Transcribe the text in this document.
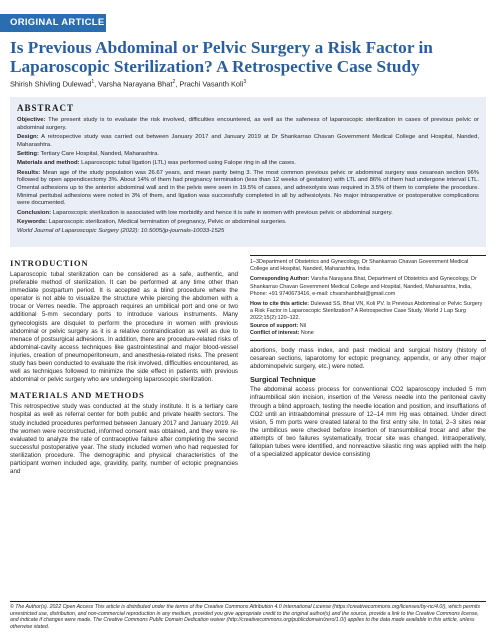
ORIGINAL ARTICLE
Is Previous Abdominal or Pelvic Surgery a Risk Factor in Laparoscopic Sterilization? A Retrospective Case Study
Shirish Shivling Dulewad$^1$, Varsha Narayana Bhat$^2$, Prachi Vasanth Koli$^3$
ABSTRACT

Objective: The present study is to evaluate the risk involved, difficulties encountered, as well as the safeness of laparoscopic sterilization in cases of previous pelvic or abdominal surgery.

Design: A retrospective study was carried out between January 2017 and January 2019 at Dr Shankarrao Chavan Government Medical College and Hospital, Nanded, Maharashtra.

Setting: Tertiary Care Hospital, Nanded, Maharashtra.

Materials and method: Laparoscopic tubal ligation (LTL) was performed using Falope ring in all the cases.

Results: Mean age of the study population was 26.67 years, and mean parity being 3. The most common previous pelvic or abdominal surgery was cesarean section 96% followed by open appendicectomy 3%. About 14% of them had pregnancy termination (less than 12 weeks of gestation) with LTL and 86% of them had undergone interval LTL. Omental adhesions up to the anterior abdominal wall and in the pelvis were seen in 19.5% of cases, and adnexolysis was required in 3.5% of them to complete the procedure. Minimal peritubal adhesions were noted in 3% of them, and ligation was successfully completed in all by adhesiolysis. No major intraoperative or postoperative complications were documented.

Conclusion: Laparoscopic sterilization is associated with low morbidity and hence it is safe in women with previous pelvic or abdominal surgery.

Keywords: Laparoscopic sterilization, Medical termination of pregnancy, Pelvic or abdominal surgeries.

World Journal of Laparoscopic Surgery (2022): 10.5005/jp-journals-10033-1525

INTRODUCTION

Laparoscopic tubal sterilization can be considered as a safe, authentic, and preferable method of sterilization. It can be performed at any time other than immediate postpartum period. It is accepted as a blind procedure where the operator is not able to visualize the structure while piercing the abdomen with a trocar or Verres needle. The approach requires an umbilical port and one or two additional 5-mm secondary ports to introduce various instruments. Many gynecologists are disquiet to perform the procedure in women with previous abdominal or pelvic surgery as it is a relative contraindication as well as due to menace of postsurgical adhesions. In addition, there are procedure-related risks of abdominal-cavity access techniques like gastrointestinal and major blood-vessel injuries, creation of pneumoperitoneum, and anesthesia-related risks. The present study has been conducted to evaluate the risk involved, difficulties encountered, as well as techniques followed to minimize the side effect in patients with previous abdominal or pelvic surgery who are undergoing laparoscopic sterilization.

MATERIALS AND METHODS

This retrospective study was conducted at the study institute. It is a tertiary care hospital as well as referral center for both public and private health sectors. The study included procedures performed between January 2017 and January 2019. All the women were reconstructed, informed consent was obtained, and they were re-evaluated to analyze the rate of contraceptive failure after completing the second successful postoperative year. The study included women who had requested for sterilization procedure. The demographic and physical characteristics of the participant women included age, gravidity, parity, number of ectopic pregnancies and

1–3Department of Obstetrics and Gynecology, Dr Shankarrao Chavan Government Medical College and Hospital, Nanded, Maharashtra, India

Corresponding Author: Varsha Narayana Bhat, Department of Obstetrics and Gynecology, Dr Shankarrao Chavan Government Medical College and Hospital, Nanded, Maharashtra, India, Phone: +91 9740673416, e-mail: chvarshanbhat@gmail.com

How to cite this article: Dulewad SS, Bhat VN, Koli PV. Is Previous Abdominal or Pelvic Surgery a Risk Factor in Laparoscopic Sterilization? A Retrospective Case Study. World J Lap Surg 2022;15(2):120–122.

Source of support: Nil

Conflict of interest: None

abortions, body mass index, and past medical and surgical history (history of cesarean sections, laparotomy for ectopic pregnancy, appendix, or any other major abdominopelvic surgery, etc.) were noted.

Surgical Technique

The abdominal access process for conventional CO2 laparoscopy included 5 mm infraumbilical skin incision, insertion of the Veress needle into the peritoneal cavity through a blind approach, testing the needle location and position, and insufflations of CO2 until an intraabdominal pressure of 12–14 mm Hg was obtained. Under direct vision, 5 mm ports were created lateral to the first entry site. In total, 2–3 sites near the umbilicus were checked before insertion of transumbilical trocar and after the attempts of two failures systematically, trocar site was changed. Intraoperatively, fallopian tubes were identified, and nonreactive silastic ring was applied with the help of a specialized applicator device consisting

© The Author(s). 2022 Open Access This article is distributed under the terms of the Creative Commons Attribution 4.0 International License (https://creativecommons.org/licenses/by-nc/4.0/), which permits unrestricted use, distribution, and non-commercial reproduction in any medium, provided you give appropriate credit to the original author(s) and the source, provide a link to the Creative Commons license, and indicate if changes were made. The Creative Commons Public Domain Dedication waiver (http://creativecommons.org/publicdomain/zero/1.0/) applies to the data made available in this article, unless otherwise stated.
